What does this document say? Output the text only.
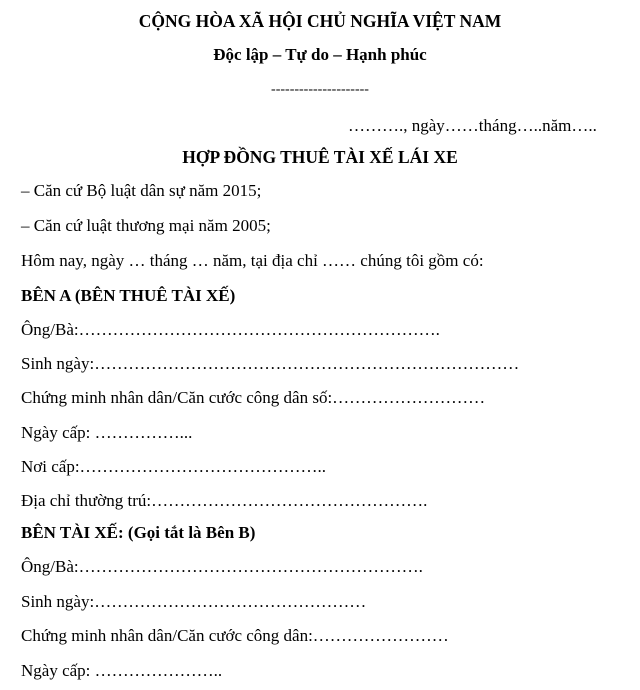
CỘNG HÒA XÃ HỘI CHỦ NGHĨA VIỆT NAM
Độc lập – Tự do – Hạnh phúc
---------------------
………., ngày……tháng…..năm…..
HỢP ĐỒNG THUÊ TÀI XẾ LÁI XE
– Căn cứ Bộ luật dân sự năm 2015;
– Căn cứ luật thương mại năm 2005;
Hôm nay, ngày … tháng … năm, tại địa chỉ …… chúng tôi gồm có:
BÊN A (BÊN THUÊ TÀI XẾ)
Ông/Bà:……………………………………………………….
Sinh ngày:…………………………………………………………………
Chứng minh nhân dân/Căn cước công dân số:………………………
Ngày cấp: ……………...
Nơi cấp:……………………………………..
Địa chỉ thường trú:………………………………………….
BÊN TÀI XẾ: (Gọi tắt là Bên B)
Ông/Bà:…………………………………………………….
Sinh ngày:…………………………………………
Chứng minh nhân dân/Căn cước công dân:……………………
Ngày cấp: …………………..
